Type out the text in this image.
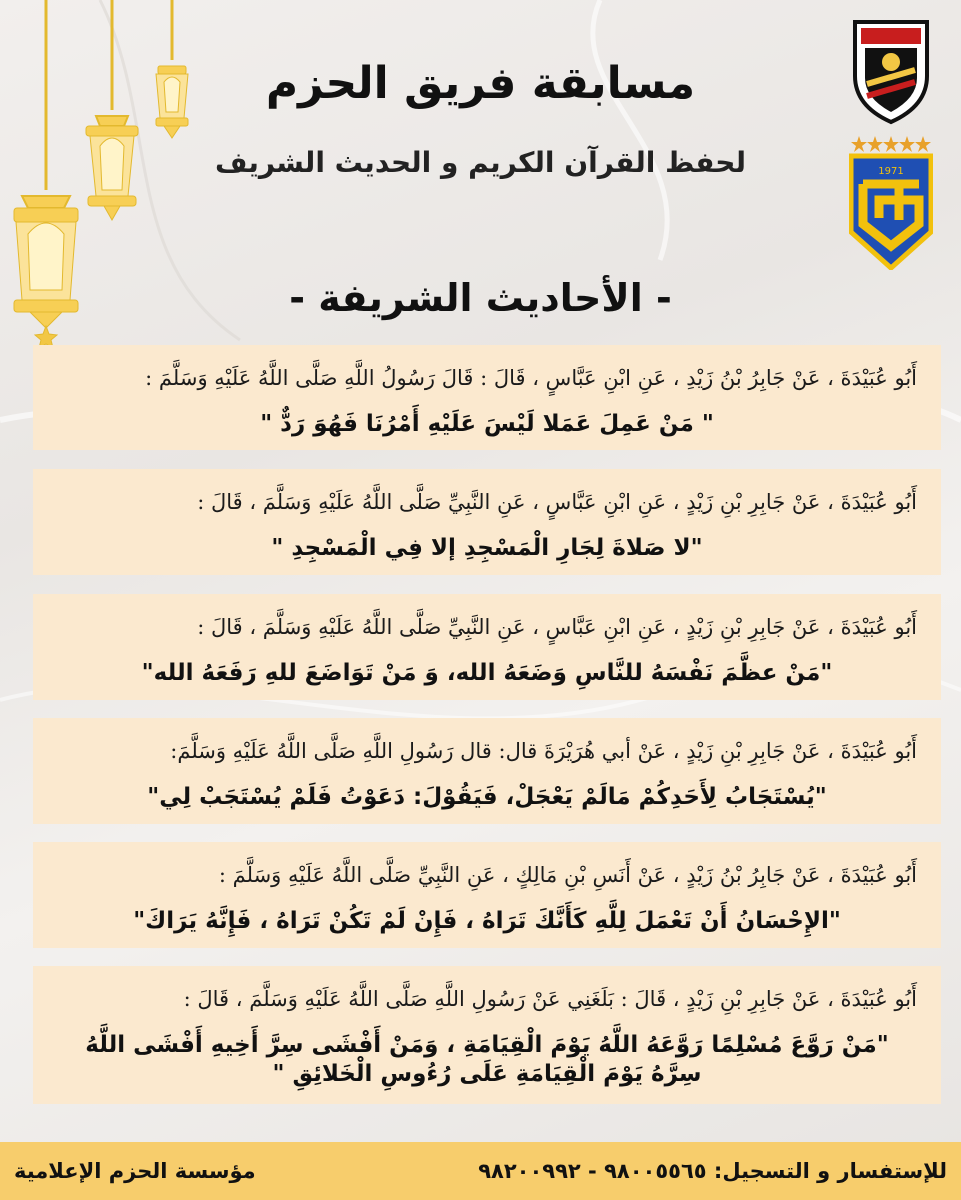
1971
مسابقة فريق الحزم
لحفظ القرآن الكريم و الحديث الشريف
- الأحاديث الشريفة -
أَبُو عُبَيْدَةَ ، عَنْ جَابِرُ بْنُ زَيْدِ ، عَنِ ابْنِ عَبَّاسٍ ، قَالَ : قَالَ رَسُولُ اللَّهِ صَلَّى اللَّهُ عَلَيْهِ وَسَلَّمَ :
" مَنْ عَمِلَ عَمَلا لَيْسَ عَلَيْهِ أَمْرُنَا فَهُوَ رَدٌّ "
أَبُو عُبَيْدَةَ ، عَنْ جَابِرِ بْنِ زَيْدٍ ، عَنِ ابْنِ عَبَّاسٍ ، عَنِ النَّبِيِّ صَلَّى اللَّهُ عَلَيْهِ وَسَلَّمَ ، قَالَ :
"لا صَلاةَ لِجَارِ الْمَسْجِدِ إلا فِي الْمَسْجِدِ "
أَبُو عُبَيْدَةَ ، عَنْ جَابِرِ بْنِ زَيْدٍ ، عَنِ ابْنِ عَبَّاسٍ ، عَنِ النَّبِيِّ صَلَّى اللَّهُ عَلَيْهِ وَسَلَّمَ ، قَالَ :
"مَنْ عظَّمَ نَفْسَهُ للنَّاسِ وَضَعَهُ الله، وَ مَنْ تَوَاضَعَ للهِ رَفَعَهُ الله"
أَبُو عُبَيْدَةَ ، عَنْ جَابِرِ بْنِ زَيْدٍ ، عَنْ أبي هُرَيْرَةَ قال: قال رَسُولِ اللَّهِ صَلَّى اللَّهُ عَلَيْهِ وَسَلَّمَ:
"يُسْتَجَابُ لِأَحَدِكُمْ مَالَمْ يَعْجَلْ، فَيَقُوْلَ: دَعَوْتُ فَلَمْ يُسْتَجَبْ لِي"
أَبُو عُبَيْدَةَ ، عَنْ جَابِرُ بْنُ زَيْدٍ ، عَنْ أَنَسِ بْنِ مَالِكٍ ، عَنِ النَّبِيِّ صَلَّى اللَّهُ عَلَيْهِ وَسَلَّمَ :
"الإِحْسَانُ أَنْ تَعْمَلَ لِلَّهِ كَأَنَّكَ تَرَاهُ ، فَإِنْ لَمْ تَكُنْ تَرَاهُ ، فَإِنَّهُ يَرَاكَ"
أَبُو عُبَيْدَةَ ، عَنْ جَابِرِ بْنِ زَيْدٍ ، قَالَ : بَلَغَنِي عَنْ رَسُولِ اللَّهِ صَلَّى اللَّهُ عَلَيْهِ وَسَلَّمَ ، قَالَ :
"مَنْ رَوَّعَ مُسْلِمًا رَوَّعَهُ اللَّهُ يَوْمَ الْقِيَامَةِ ، وَمَنْ أَفْشَى سِرَّ أَخِيهِ أَفْشَى اللَّهُ سِرَّهُ يَوْمَ الْقِيَامَةِ عَلَى رُءُوسِ الْخَلائِقِ "
للإستفسار و التسجيل: ٩٨٠٠٥٥٦٥ - ٩٨٢٠٠٩٩٢
مؤسسة الحزم الإعلامية
